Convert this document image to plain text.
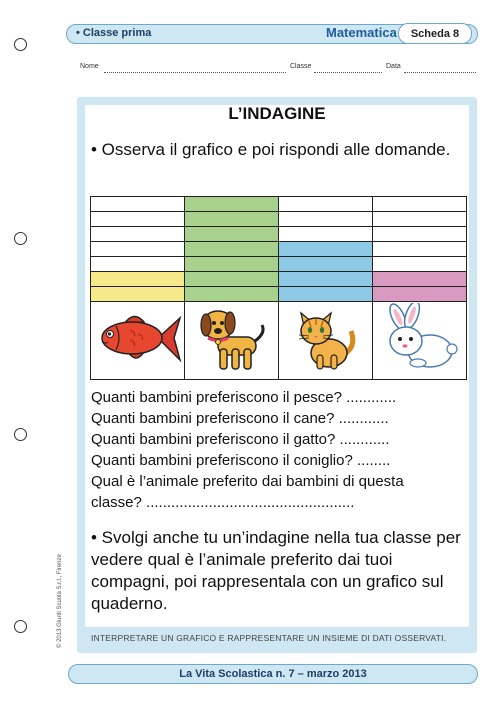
• Classe prima	Matematica	Scheda 8
Nome	Classe	Data
L’INDAGINE
• Osserva il grafico e poi rispondi alle domande.

Quanti bambini preferiscono il pesce? ............
Quanti bambini preferiscono il cane? ............
Quanti bambini preferiscono il gatto? ............
Quanti bambini preferiscono il coniglio? ........
Qual è l’animale preferito dai bambini di questa
classe? ..................................................
• Svolgi anche tu un’indagine nella tua classe per vedere qual è l’animale preferito dai tuoi compagni, poi rappresentala con un grafico sul quaderno.
INTERPRETARE UN GRAFICO E RAPPRESENTARE UN INSIEME DI DATI OSSERVATI.
La Vita Scolastica n. 7 – marzo 2013
© 2013 Giunti Scuola S.r.l., Firenze
